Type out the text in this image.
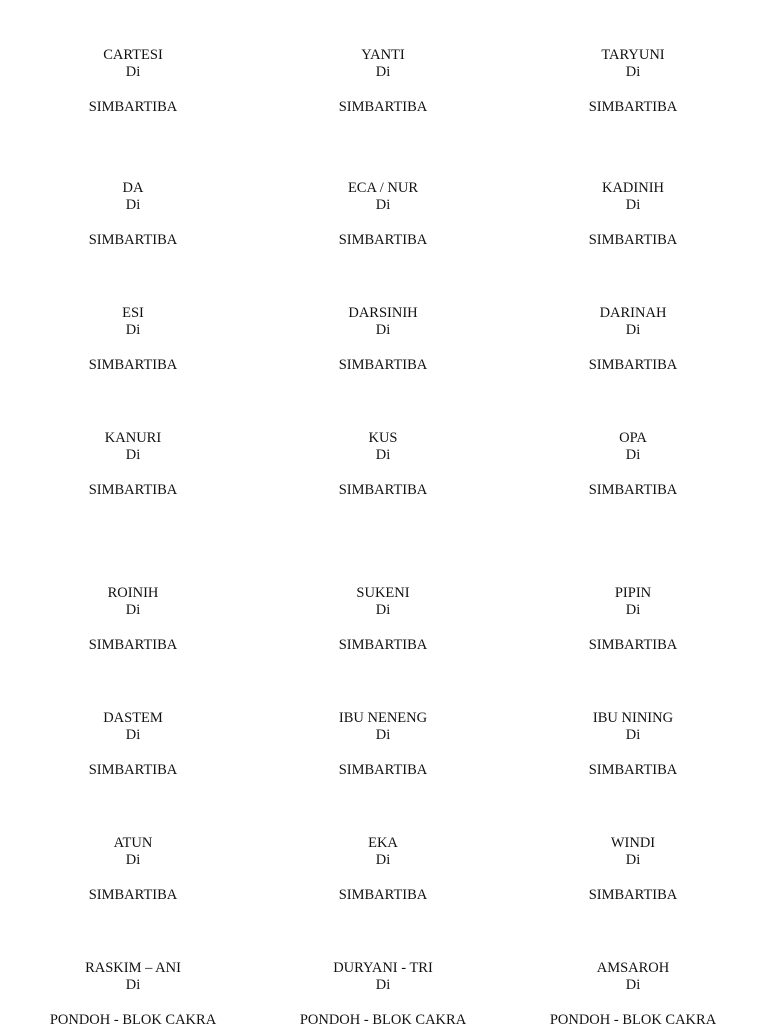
CARTESI
Di
SIMBARTIBA
YANTI
Di
SIMBARTIBA
TARYUNI
Di
SIMBARTIBA
DA
Di
SIMBARTIBA
ECA / NUR
Di
SIMBARTIBA
KADINIH
Di
SIMBARTIBA
ESI
Di
SIMBARTIBA
DARSINIH
Di
SIMBARTIBA
DARINAH
Di
SIMBARTIBA
KANURI
Di
SIMBARTIBA
KUS
Di
SIMBARTIBA
OPA
Di
SIMBARTIBA
ROINIH
Di
SIMBARTIBA
SUKENI
Di
SIMBARTIBA
PIPIN
Di
SIMBARTIBA
DASTEM
Di
SIMBARTIBA
IBU NENENG
Di
SIMBARTIBA
IBU NINING
Di
SIMBARTIBA
ATUN
Di
SIMBARTIBA
EKA
Di
SIMBARTIBA
WINDI
Di
SIMBARTIBA
RASKIM – ANI
Di
PONDOH - BLOK CAKRA
DURYANI - TRI
Di
PONDOH - BLOK CAKRA
AMSAROH
Di
PONDOH - BLOK CAKRA
